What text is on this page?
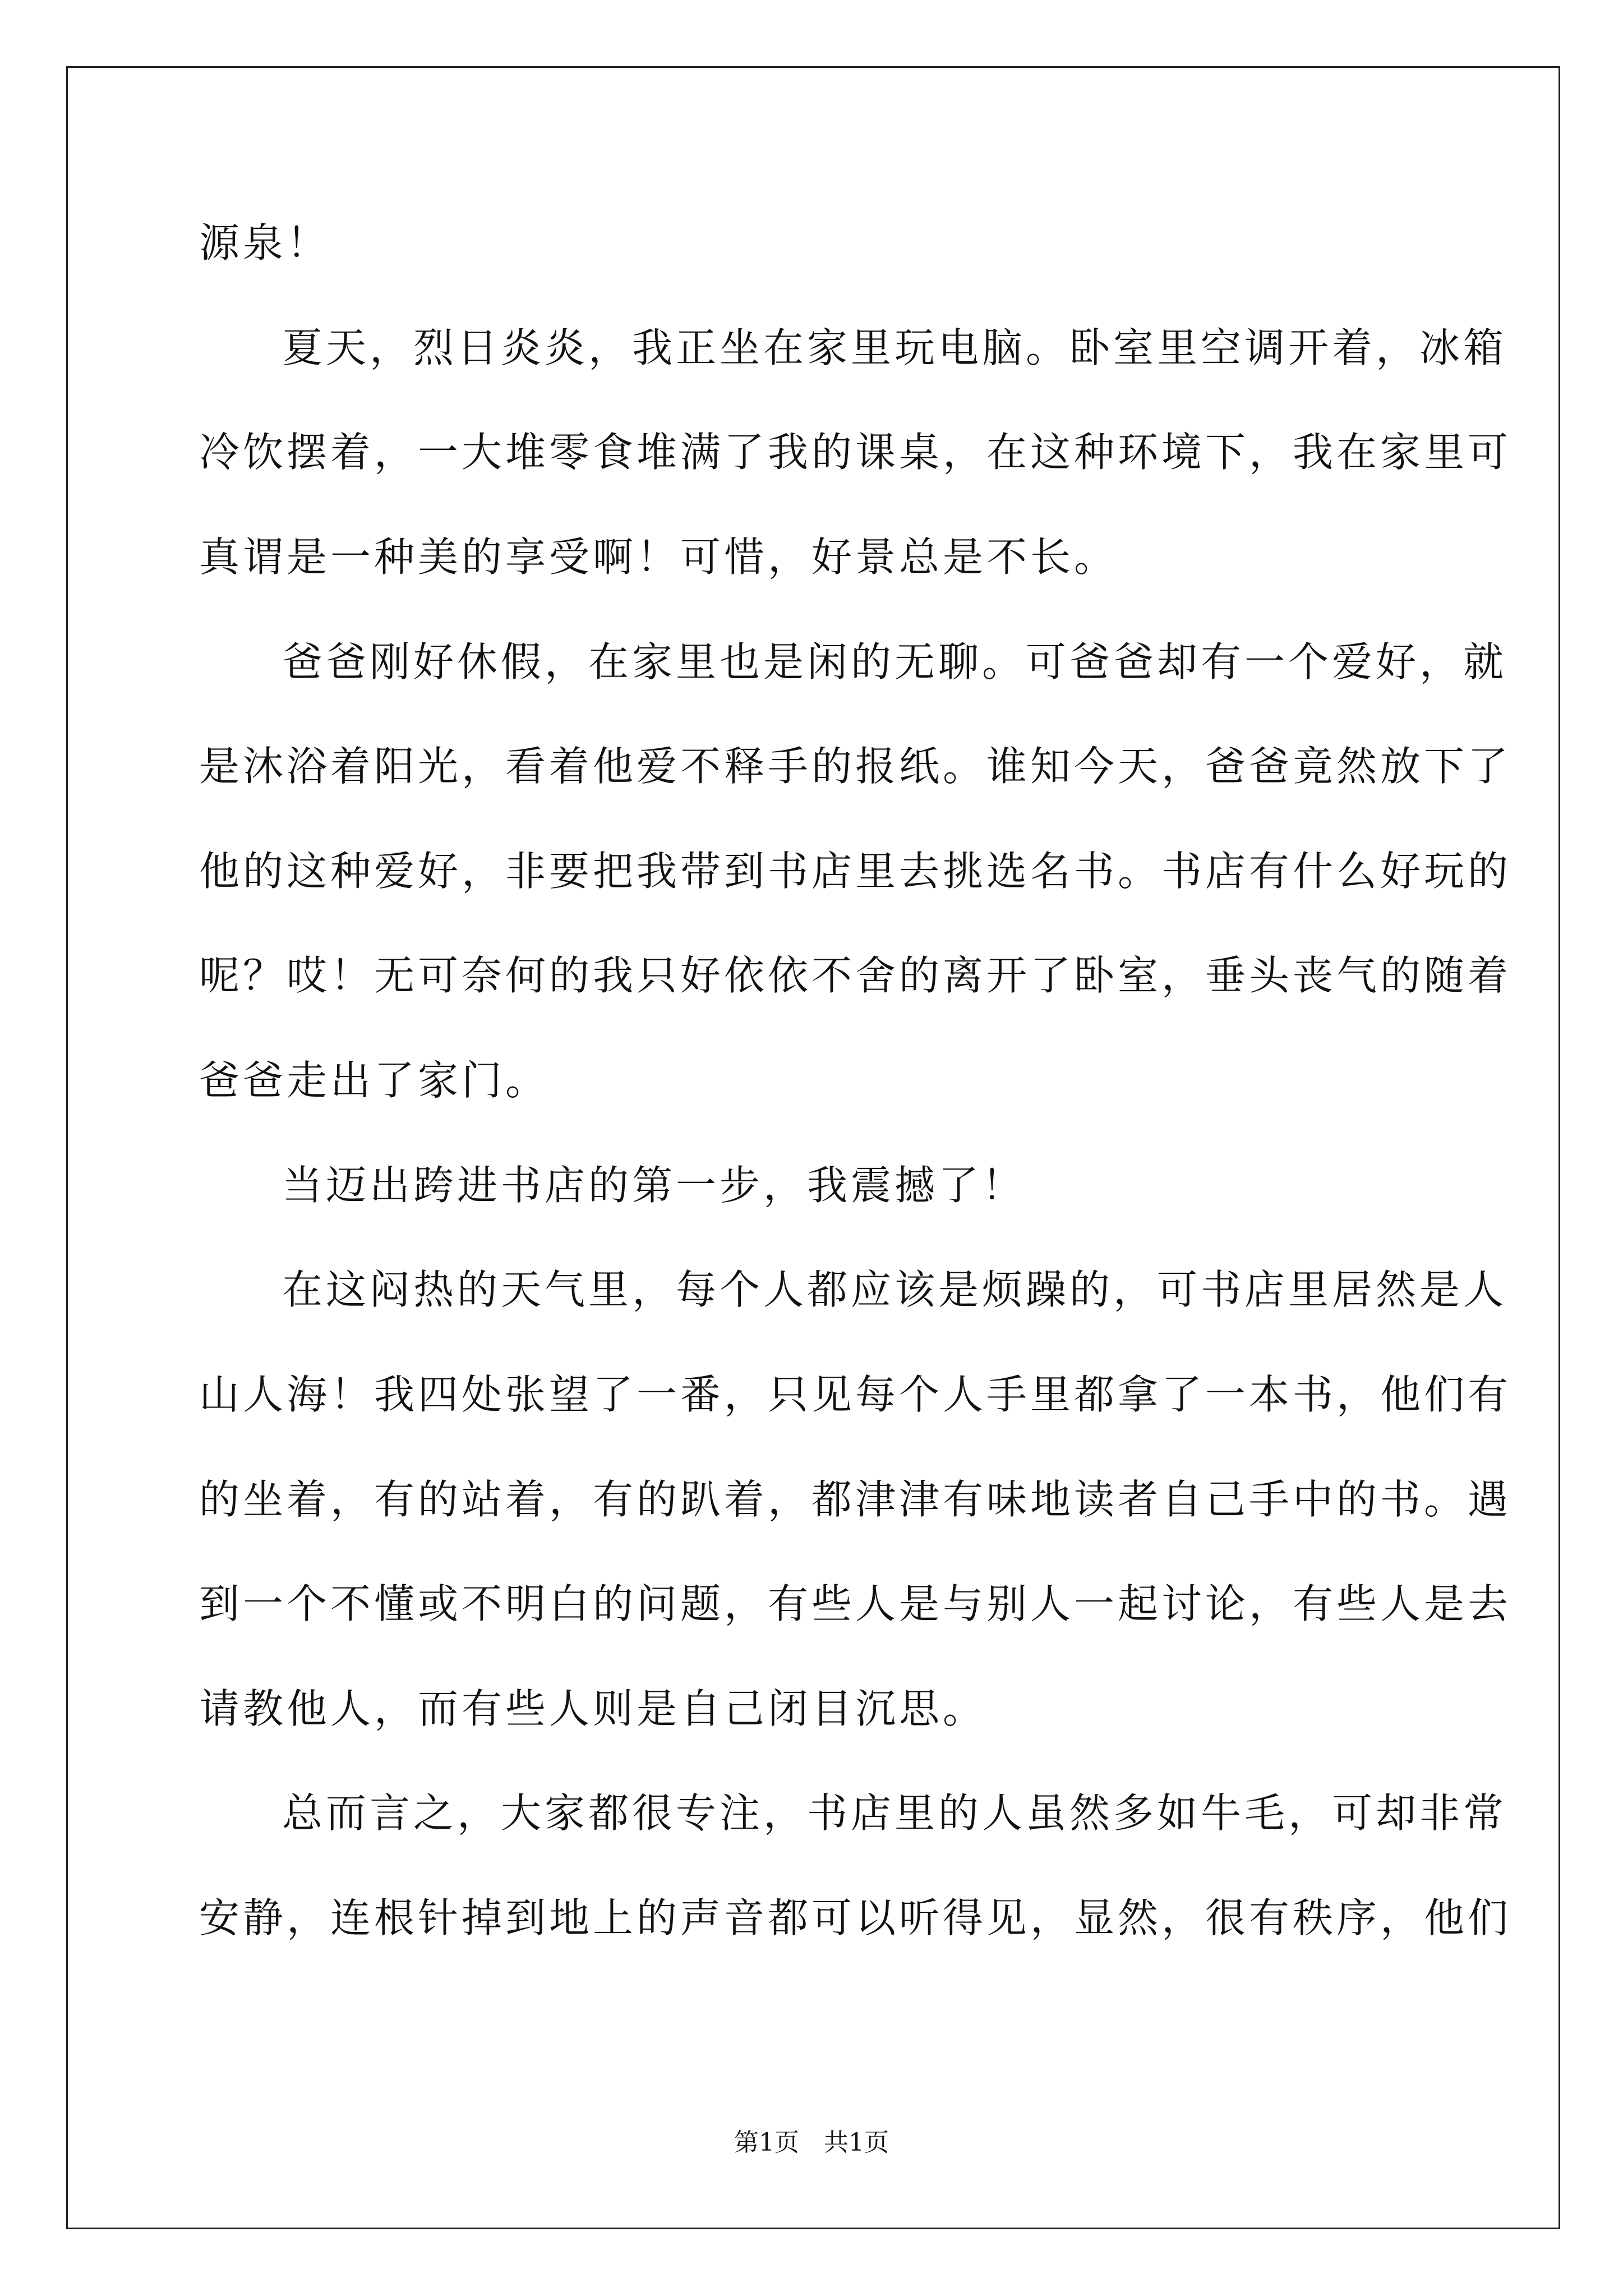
源泉！
夏天，烈日炎炎，我正坐在家里玩电脑。卧室里空调开着，冰箱
冷饮摆着，一大堆零食堆满了我的课桌，在这种环境下，我在家里可
真谓是一种美的享受啊！可惜，好景总是不长。
爸爸刚好休假，在家里也是闲的无聊。可爸爸却有一个爱好，就
是沐浴着阳光，看着他爱不释手的报纸。谁知今天，爸爸竟然放下了
他的这种爱好，非要把我带到书店里去挑选名书。书店有什么好玩的
呢？哎！无可奈何的我只好依依不舍的离开了卧室，垂头丧气的随着
爸爸走出了家门。
当迈出跨进书店的第一步，我震撼了！
在这闷热的天气里，每个人都应该是烦躁的，可书店里居然是人
山人海！我四处张望了一番，只见每个人手里都拿了一本书，他们有
的坐着，有的站着，有的趴着，都津津有味地读者自己手中的书。遇
到一个不懂或不明白的问题，有些人是与别人一起讨论，有些人是去
请教他人，而有些人则是自己闭目沉思。
总而言之，大家都很专注，书店里的人虽然多如牛毛，可却非常
安静，连根针掉到地上的声音都可以听得见，显然，很有秩序，他们
第1页　共1页
